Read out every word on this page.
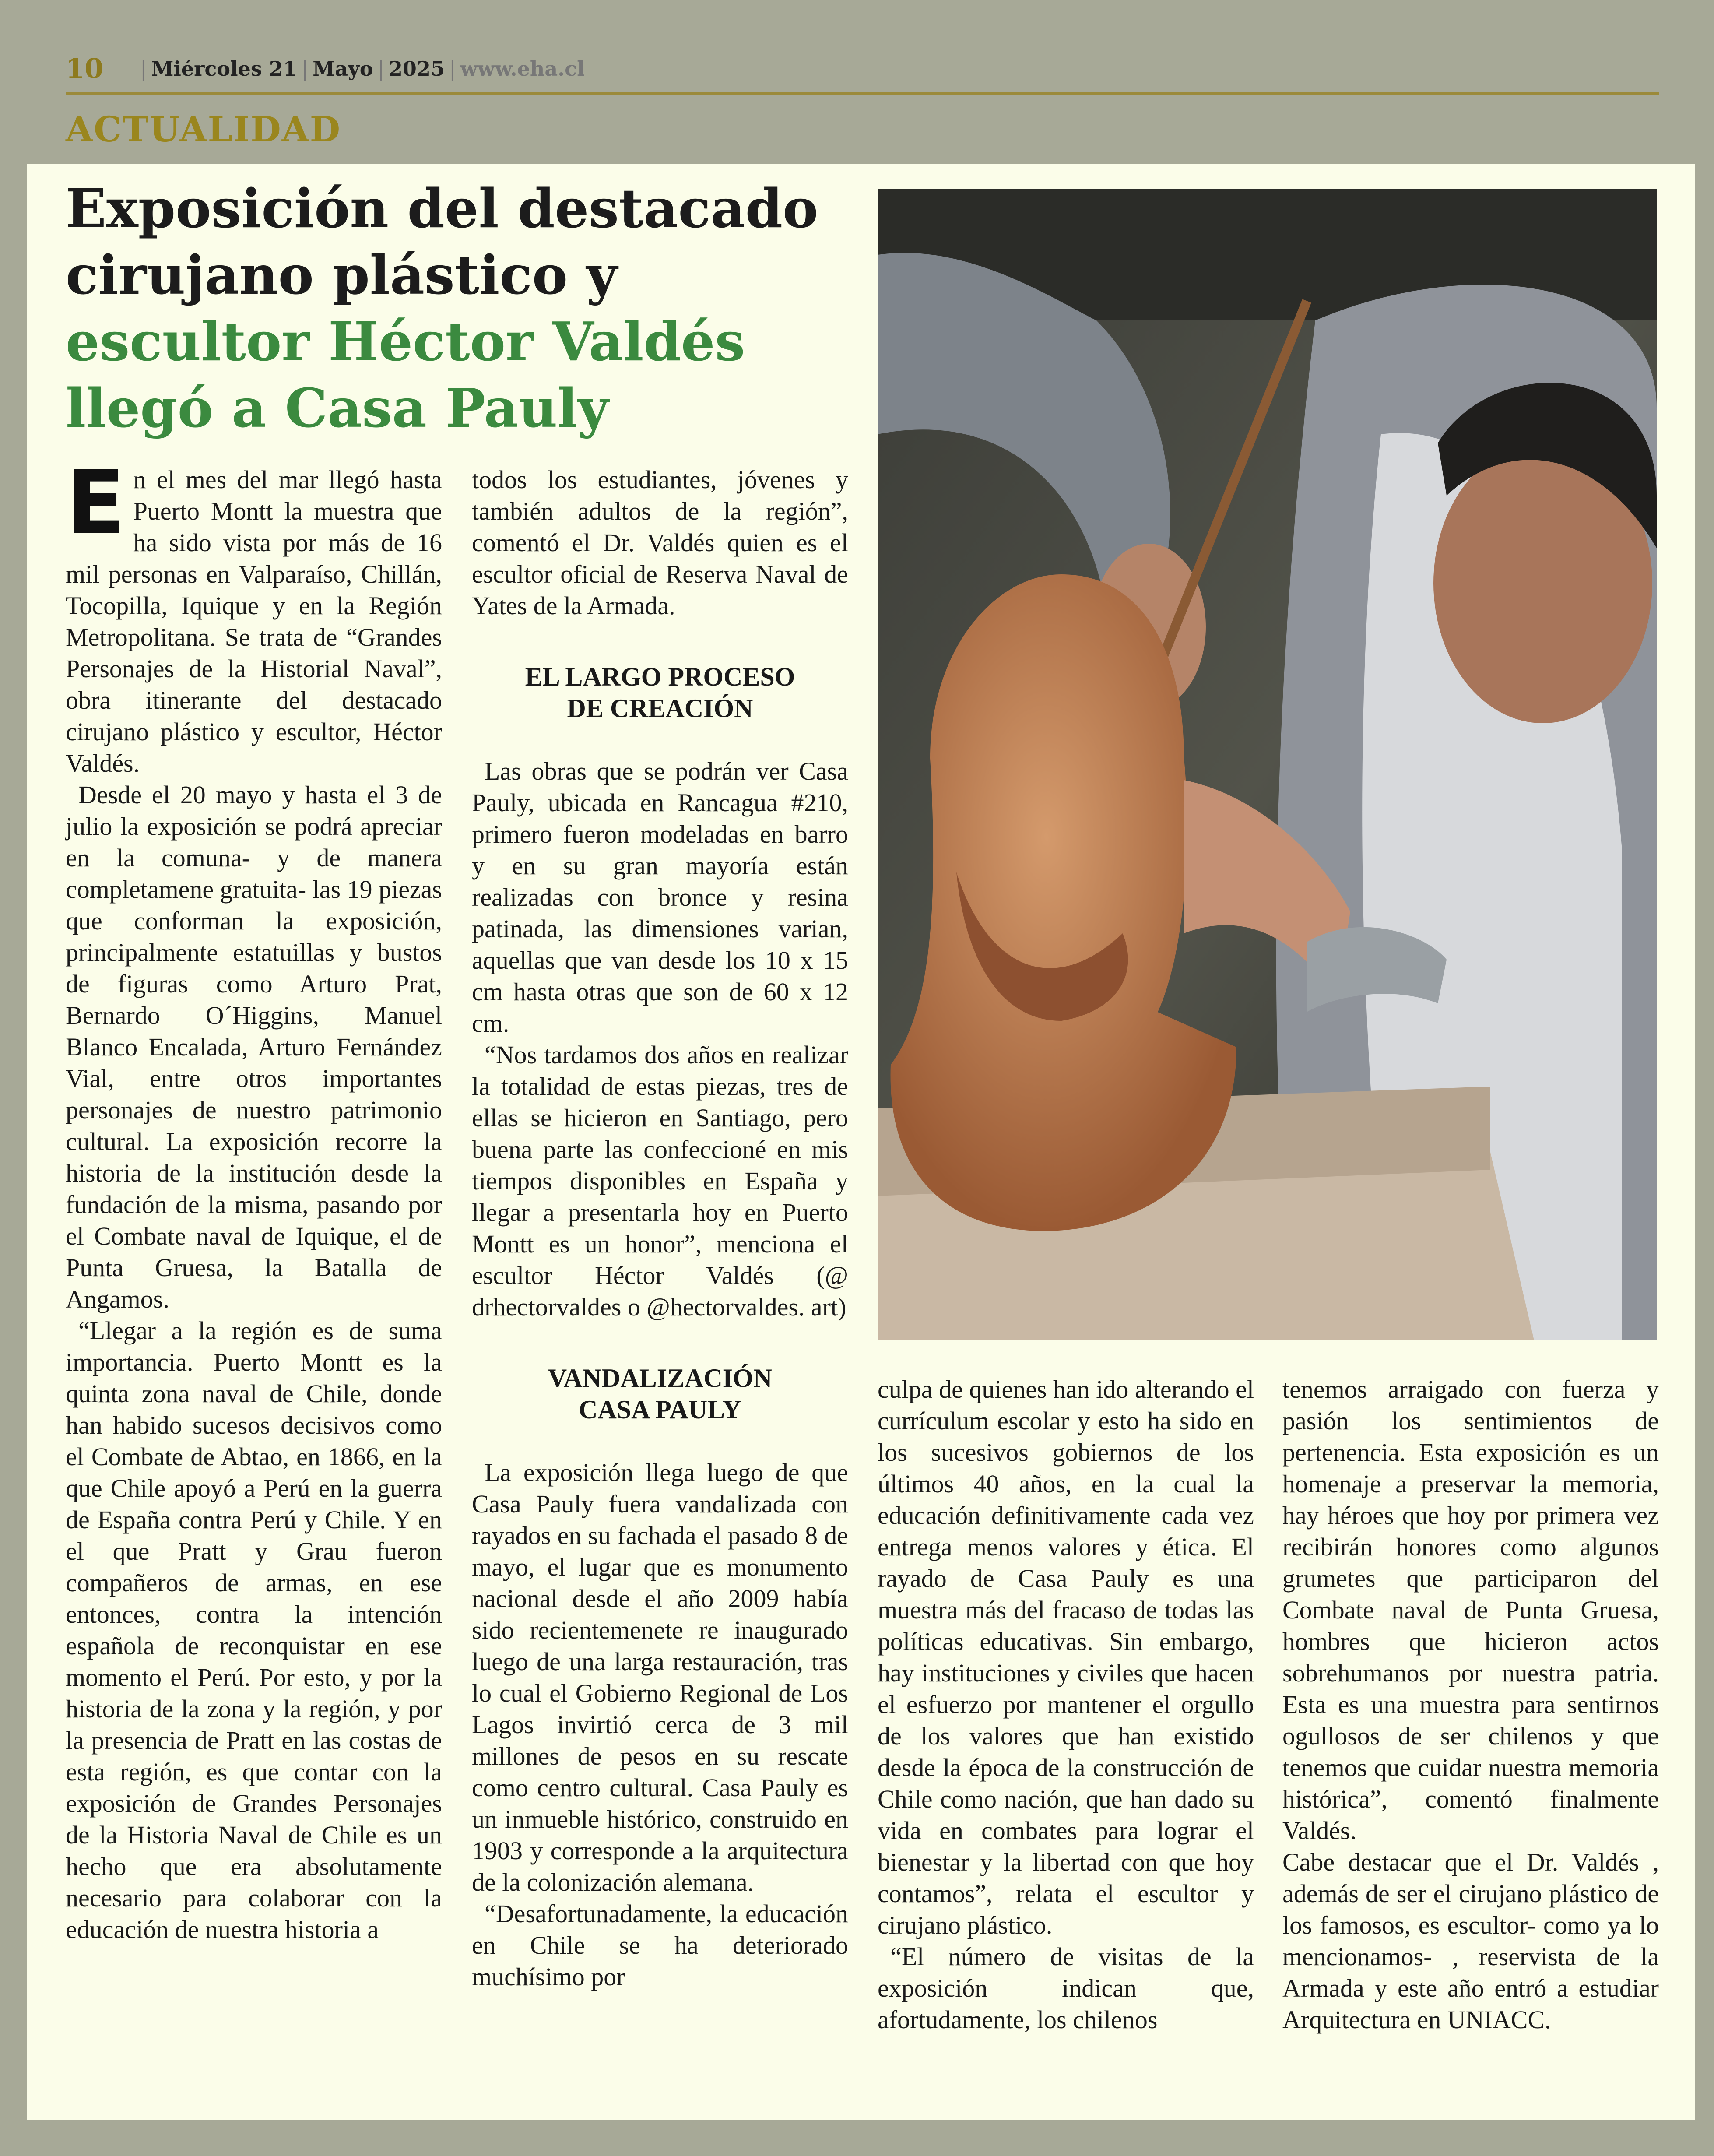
10 | Miércoles 21 | Mayo | 2025 | www.eha.cl
ACTUALIDAD
Exposición del destacado cirujano plástico y
escultor Héctor Valdés llegó a Casa Pauly

En el mes del mar llegó hasta Puerto Montt la muestra que ha sido vista por más de 16 mil personas en Valparaíso, Chillán, Tocopilla, Iquique y en la Región Metropolitana. Se trata de “Grandes Personajes de la Historial Naval”, obra itinerante del destacado cirujano plástico y escultor, Héctor Valdés.

Desde el 20 mayo y hasta el 3 de julio la exposición se podrá apreciar en la comuna- y de manera completamene gratuita- las 19 piezas que conforman la exposición, principalmente estatuillas y bustos de figuras como Arturo Prat, Bernardo O´Higgins, Manuel Blanco Encalada, Arturo Fernández Vial, entre otros importantes personajes de nuestro patrimonio cultural. La exposición recorre la historia de la institución desde la fundación de la misma, pasando por el Combate naval de Iquique, el de Punta Gruesa, la Batalla de Angamos.

“Llegar a la región es de suma importancia. Puerto Montt es la quinta zona naval de Chile, donde han habido sucesos decisivos como el Combate de Abtao, en 1866, en la que Chile apoyó a Perú en la guerra de España contra Perú y Chile. Y en el que Pratt y Grau fueron compañeros de armas, en ese entonces, contra la intención española de reconquistar en ese momento el Perú. Por esto, y por la historia de la zona y la región, y por la presencia de Pratt en las costas de esta región, es que contar con la exposición de Grandes Personajes de la Historia Naval de Chile es un hecho que era absolutamente necesario para colaborar con la educación de nuestra historia a

todos los estudiantes, jóvenes y también adultos de la región”, comentó el Dr. Valdés quien es el escultor oficial de Reserva Naval de Yates de la Armada.

EL LARGO PROCESO
DE CREACIÓN

Las obras que se podrán ver Casa Pauly, ubicada en Rancagua #210, primero fueron modeladas en barro y en su gran mayoría están realizadas con bronce y resina patinada, las dimensiones varian, aquellas que van desde los 10 x 15 cm hasta otras que son de 60 x 12 cm.

“Nos tardamos dos años en realizar la totalidad de estas piezas, tres de ellas se hicieron en Santiago, pero buena parte las confeccioné en mis tiempos disponibles en España y llegar a presentarla hoy en Puerto Montt es un honor”, menciona el escultor Héctor Valdés (@ drhectorvaldes o @hectorvaldes. art)

VANDALIZACIÓN
CASA PAULY

La exposición llega luego de que Casa Pauly fuera vandalizada con rayados en su fachada el pasado 8 de mayo, el lugar que es monumento nacional desde el año 2009 había sido recientemenete re inaugurado luego de una larga restauración, tras lo cual el Gobierno Regional de Los Lagos invirtió cerca de 3 mil millones de pesos en su rescate como centro cultural. Casa Pauly es un inmueble histórico, construido en 1903 y corresponde a la arquitectura de la colonización alemana.

“Desafortunadamente, la educación en Chile se ha deteriorado muchísimo por

culpa de quienes han ido alterando el currículum escolar y esto ha sido en los sucesivos gobiernos de los últimos 40 años, en la cual la educación definitivamente cada vez entrega menos valores y ética. El rayado de Casa Pauly es una muestra más del fracaso de todas las políticas educativas. Sin embargo, hay instituciones y civiles que hacen el esfuerzo por mantener el orgullo de los valores que han existido desde la época de la construcción de Chile como nación, que han dado su vida en combates para lograr el bienestar y la libertad con que hoy contamos”, relata el escultor y cirujano plástico.

“El número de visitas de la exposición indican que, afortudamente, los chilenos

tenemos arraigado con fuerza y pasión los sentimientos de pertenencia. Esta exposición es un homenaje a preservar la memoria, hay héroes que hoy por primera vez recibirán honores como algunos grumetes que participaron del Combate naval de Punta Gruesa, hombres que hicieron actos sobrehumanos por nuestra patria. Esta es una muestra para sentirnos ogullosos de ser chilenos y que tenemos que cuidar nuestra memoria histórica”, comentó finalmente Valdés.

Cabe destacar que el Dr. Valdés , además de ser el cirujano plástico de los famosos, es escultor- como ya lo mencionamos- , reservista de la Armada y este año entró a estudiar Arquitectura en UNIACC.
